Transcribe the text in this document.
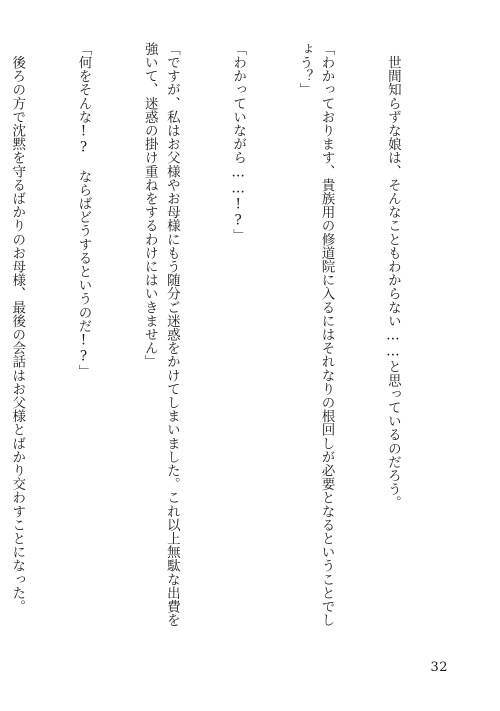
　世間知らずな娘は、そんなこともわからない……と思っているのだろう。

「わかっております、貴族用の修道院に入るにはそれなりの根回しが必要となるということでしょう？」

「わかっていながら……!?」

「ですが、私はお父様やお母様にもう随分ご迷惑をかけてしまいました。これ以上無駄な出費を強いて、迷惑の掛け重ねをするわけにはいきません」

「何をそんな!?　ならばどうするというのだ!?」

　後ろの方で沈黙を守るばかりのお母様、最後の会話はお父様とばかり交わすことになった。

32
